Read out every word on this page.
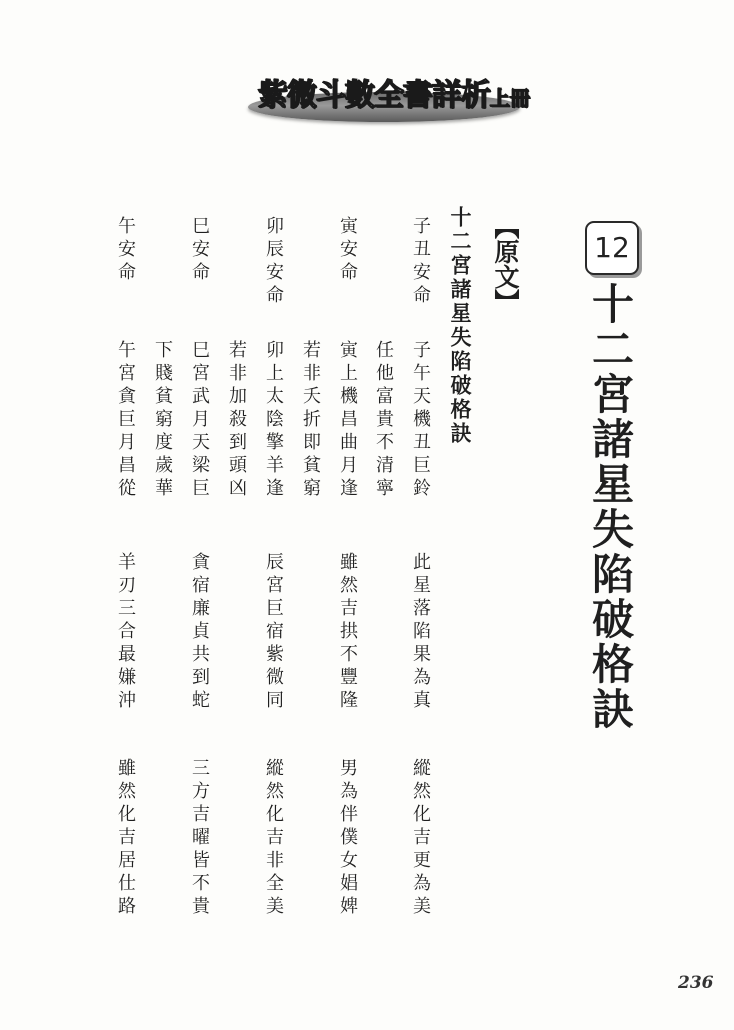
紫微斗數全書詳析上冊
12
十二宮諸星失陷破格訣
【原文】
十二宮諸星失陷破格訣
子丑安命
子午天機丑巨鈴
此星落陷果為真
縱然化吉更為美
任他富貴不清寧
寅安命
寅上機昌曲月逢
雖然吉拱不豐隆
男為伴僕女娼婢
若非夭折即貧窮
卯辰安命
卯上太陰擎羊逢
辰宮巨宿紫微同
縱然化吉非全美
若非加殺到頭凶
巳安命
巳宮武月天梁巨
貪宿廉貞共到蛇
三方吉曜皆不貴
下賤貧窮度歲華
午安命
午宮貪巨月昌從
羊刃三合最嫌沖
雖然化吉居仕路
236
